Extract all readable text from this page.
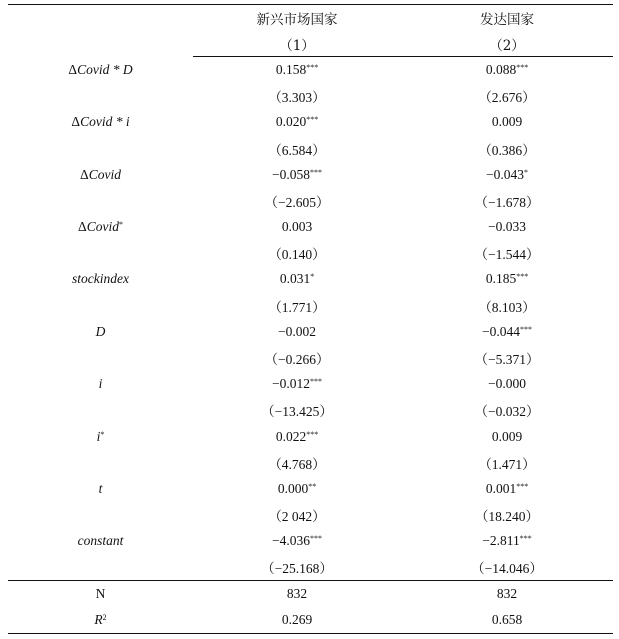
	新兴市场国家	发达国家
	（1）	（2）
ΔCovid * D	0.158***	0.088***
	（3.303）	（2.676）
ΔCovid * i	0.020***	0.009
	（6.584）	（0.386）
ΔCovid	−0.058***	−0.043*
	（−2.605）	（−1.678）
ΔCovid*	0.003	−0.033
	（0.140）	（−1.544）
stockindex	0.031*	0.185***
	（1.771）	（8.103）
D	−0.002	−0.044***
	（−0.266）	（−5.371）
i	−0.012***	−0.000
	（−13.425）	（−0.032）
i*	0.022***	0.009
	（4.768）	（1.471）
t	0.000**	0.001***
	（2 042）	（18.240）
constant	−4.036***	−2.811***
	（−25.168）	（−14.046）
N	832	832
$R^2$	0.269	0.658
